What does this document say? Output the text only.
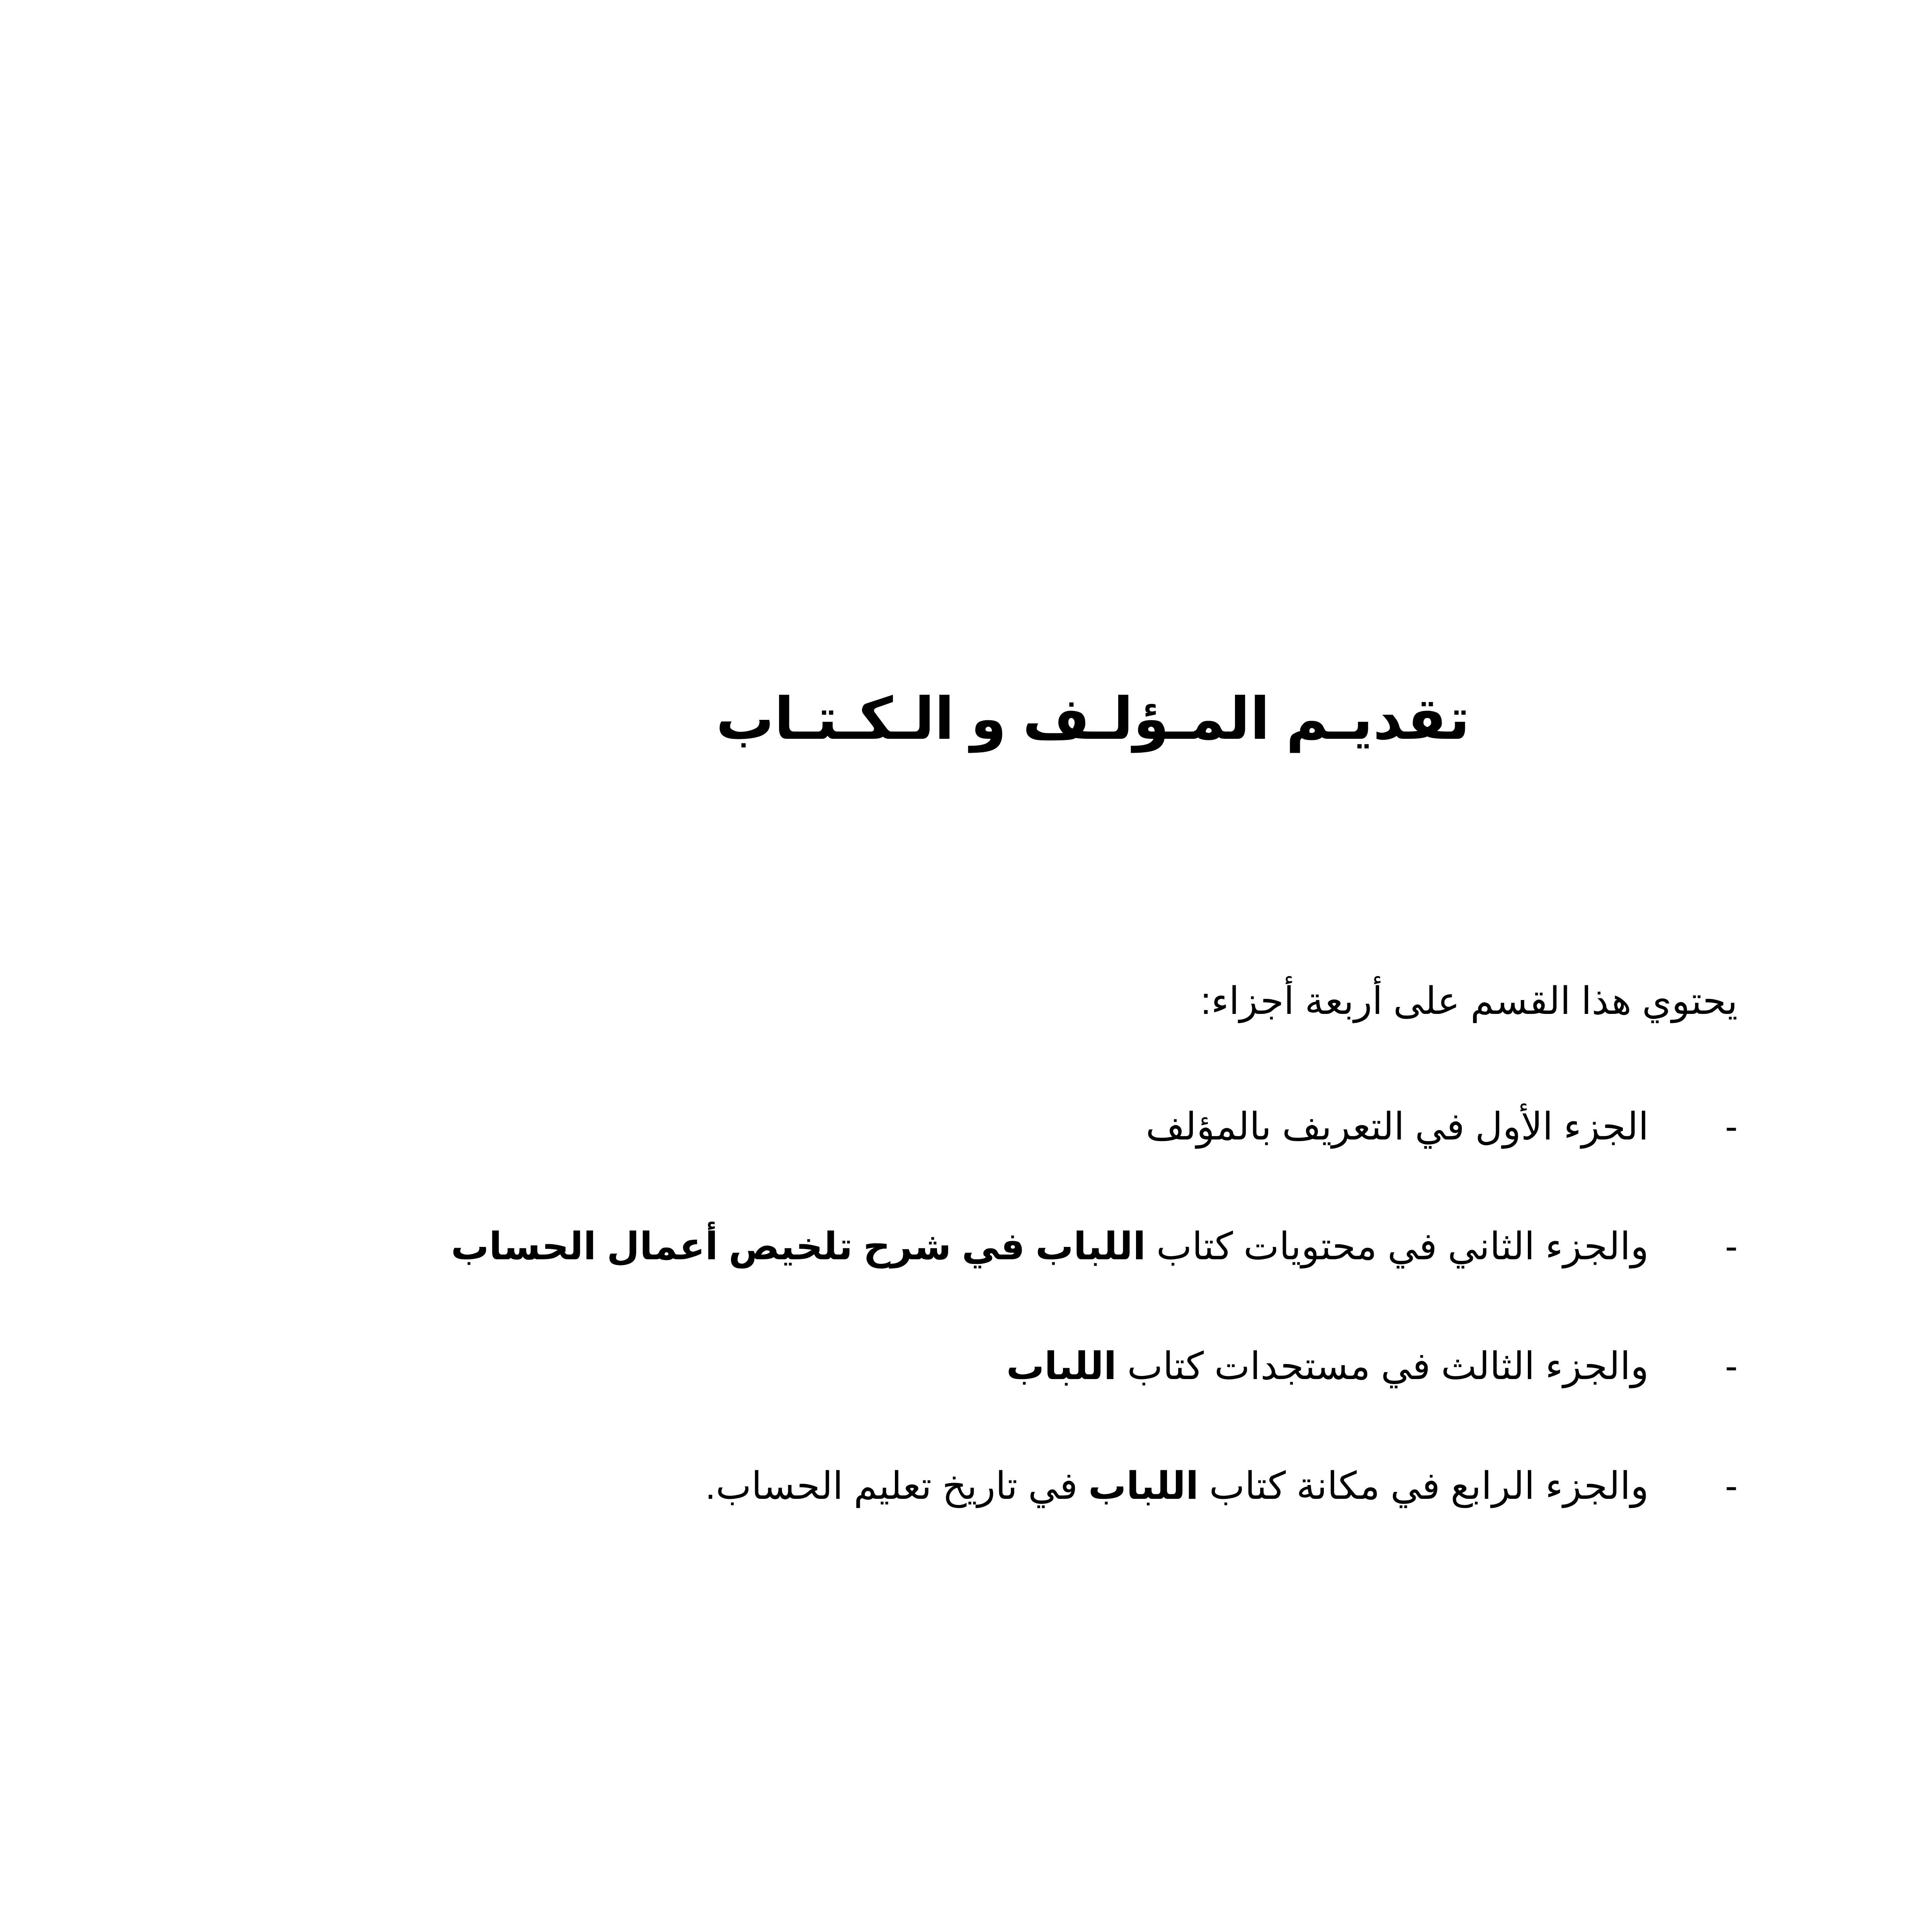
تقديـم المـؤلـف و الـكـتـاب
يحتوي هذا القسم على أربعة أجزاء:
-الجزء الأول في التعريف بالمؤلف
-والجزء الثاني في محتويات كتاب اللباب في شرح تلخيص أعمال الحساب
-والجزء الثالث في مستجدات كتاب اللباب
-والجزء الرابع في مكانة كتاب اللباب في تاريخ تعليم الحساب.
